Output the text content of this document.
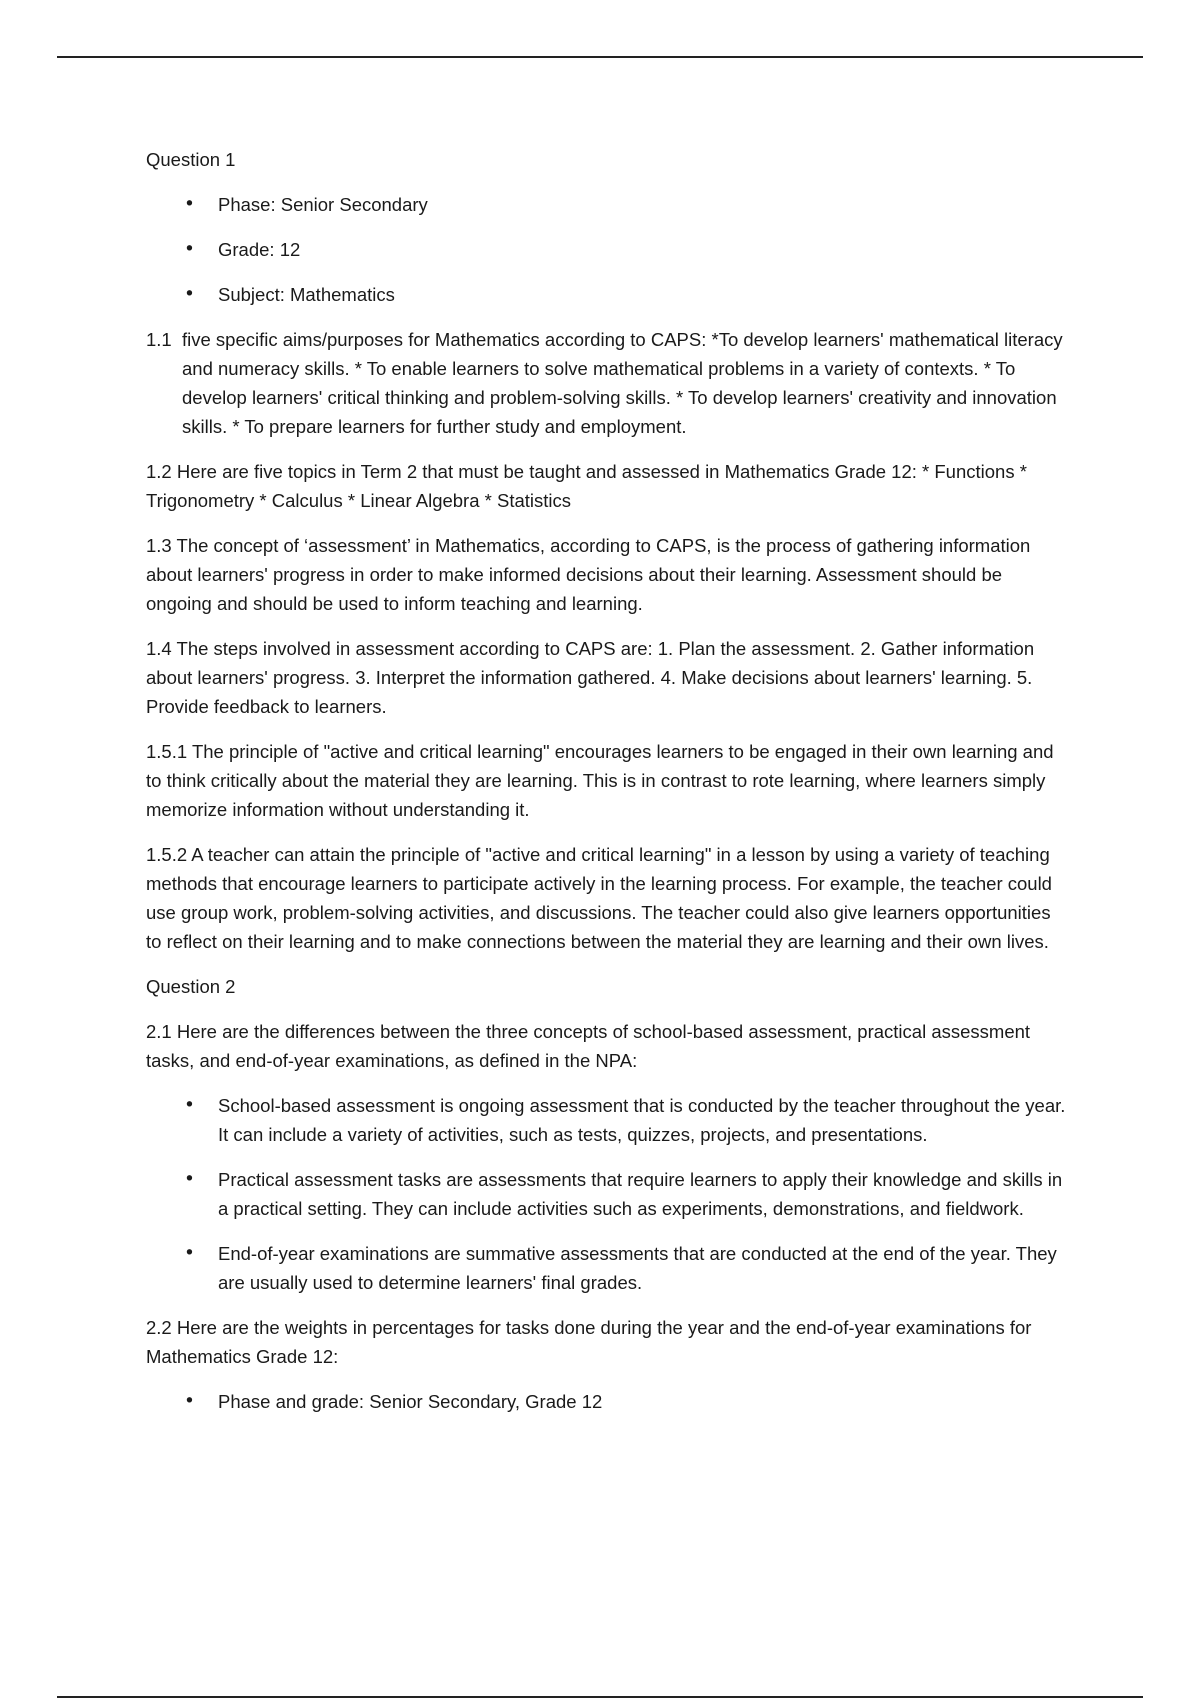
Question 1

• Phase: Senior Secondary
• Grade: 12
• Subject: Mathematics
1.1 five specific aims/purposes for Mathematics according to CAPS: *To develop learners' mathematical literacy and numeracy skills. * To enable learners to solve mathematical problems in a variety of contexts. * To develop learners' critical thinking and problem-solving skills. * To develop learners' creativity and innovation skills. * To prepare learners for further study and employment.

1.2 Here are five topics in Term 2 that must be taught and assessed in Mathematics Grade 12: * Functions * Trigonometry * Calculus * Linear Algebra * Statistics

1.3 The concept of ‘assessment’ in Mathematics, according to CAPS, is the process of gathering information about learners' progress in order to make informed decisions about their learning. Assessment should be ongoing and should be used to inform teaching and learning.

1.4 The steps involved in assessment according to CAPS are: 1. Plan the assessment. 2. Gather information about learners' progress. 3. Interpret the information gathered. 4. Make decisions about learners' learning. 5. Provide feedback to learners.

1.5.1 The principle of "active and critical learning" encourages learners to be engaged in their own learning and to think critically about the material they are learning. This is in contrast to rote learning, where learners simply memorize information without understanding it.

1.5.2 A teacher can attain the principle of "active and critical learning" in a lesson by using a variety of teaching methods that encourage learners to participate actively in the learning process. For example, the teacher could use group work, problem-solving activities, and discussions. The teacher could also give learners opportunities to reflect on their learning and to make connections between the material they are learning and their own lives.

Question 2

2.1 Here are the differences between the three concepts of school-based assessment, practical assessment tasks, and end-of-year examinations, as defined in the NPA:

• School-based assessment is ongoing assessment that is conducted by the teacher throughout the year. It can include a variety of activities, such as tests, quizzes, projects, and presentations.
• Practical assessment tasks are assessments that require learners to apply their knowledge and skills in a practical setting. They can include activities such as experiments, demonstrations, and fieldwork.
• End-of-year examinations are summative assessments that are conducted at the end of the year. They are usually used to determine learners' final grades.

2.2 Here are the weights in percentages for tasks done during the year and the end-of-year examinations for Mathematics Grade 12:

• Phase and grade: Senior Secondary, Grade 12
